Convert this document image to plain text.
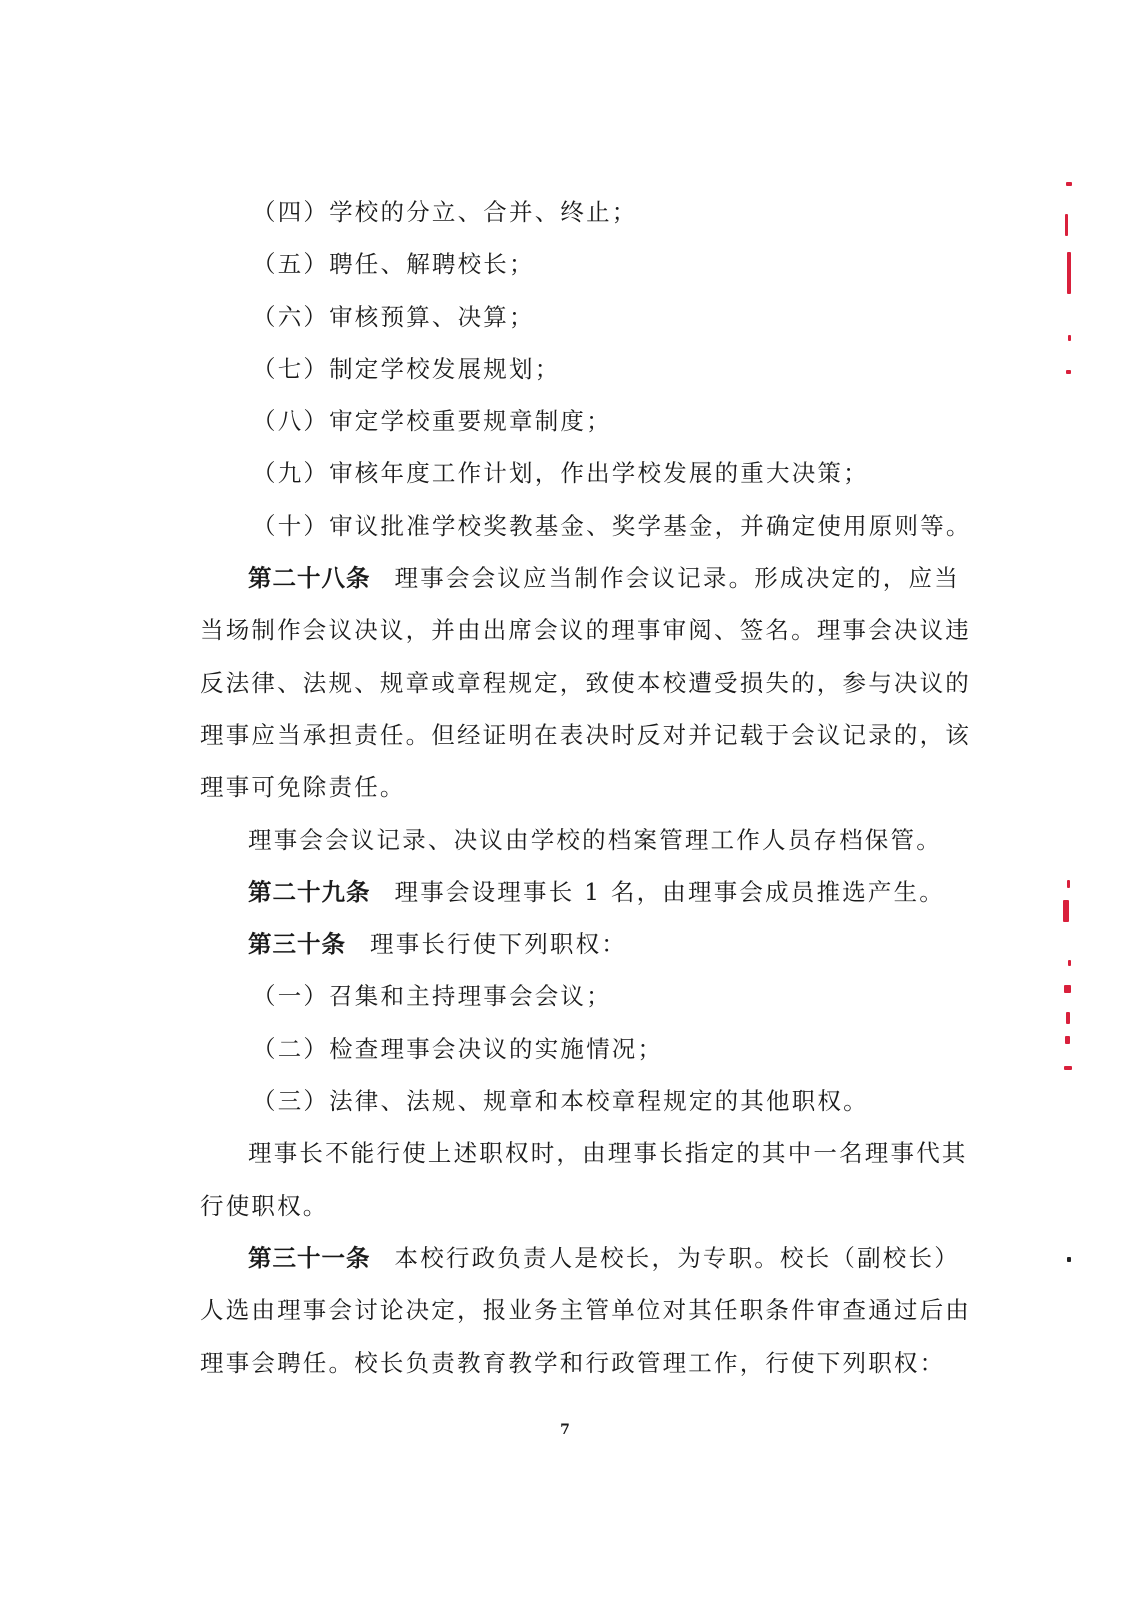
（四）学校的分立、合并、终止；
（五）聘任、解聘校长；
（六）审核预算、决算；
（七）制定学校发展规划；
（八）审定学校重要规章制度；
（九）审核年度工作计划，作出学校发展的重大决策；
（十）审议批准学校奖教基金、奖学基金，并确定使用原则等。
第二十八条 理事会会议应当制作会议记录。形成决定的，应当
当场制作会议决议，并由出席会议的理事审阅、签名。理事会决议违
反法律、法规、规章或章程规定，致使本校遭受损失的，参与决议的
理事应当承担责任。但经证明在表决时反对并记载于会议记录的，该
理事可免除责任。
理事会会议记录、决议由学校的档案管理工作人员存档保管。
第二十九条 理事会设理事长 1 名，由理事会成员推选产生。
第三十条 理事长行使下列职权：
（一）召集和主持理事会会议；
（二）检查理事会决议的实施情况；
（三）法律、法规、规章和本校章程规定的其他职权。
理事长不能行使上述职权时，由理事长指定的其中一名理事代其
行使职权。
第三十一条 本校行政负责人是校长，为专职。校长（副校长）
人选由理事会讨论决定，报业务主管单位对其任职条件审查通过后由
理事会聘任。校长负责教育教学和行政管理工作，行使下列职权：
7
